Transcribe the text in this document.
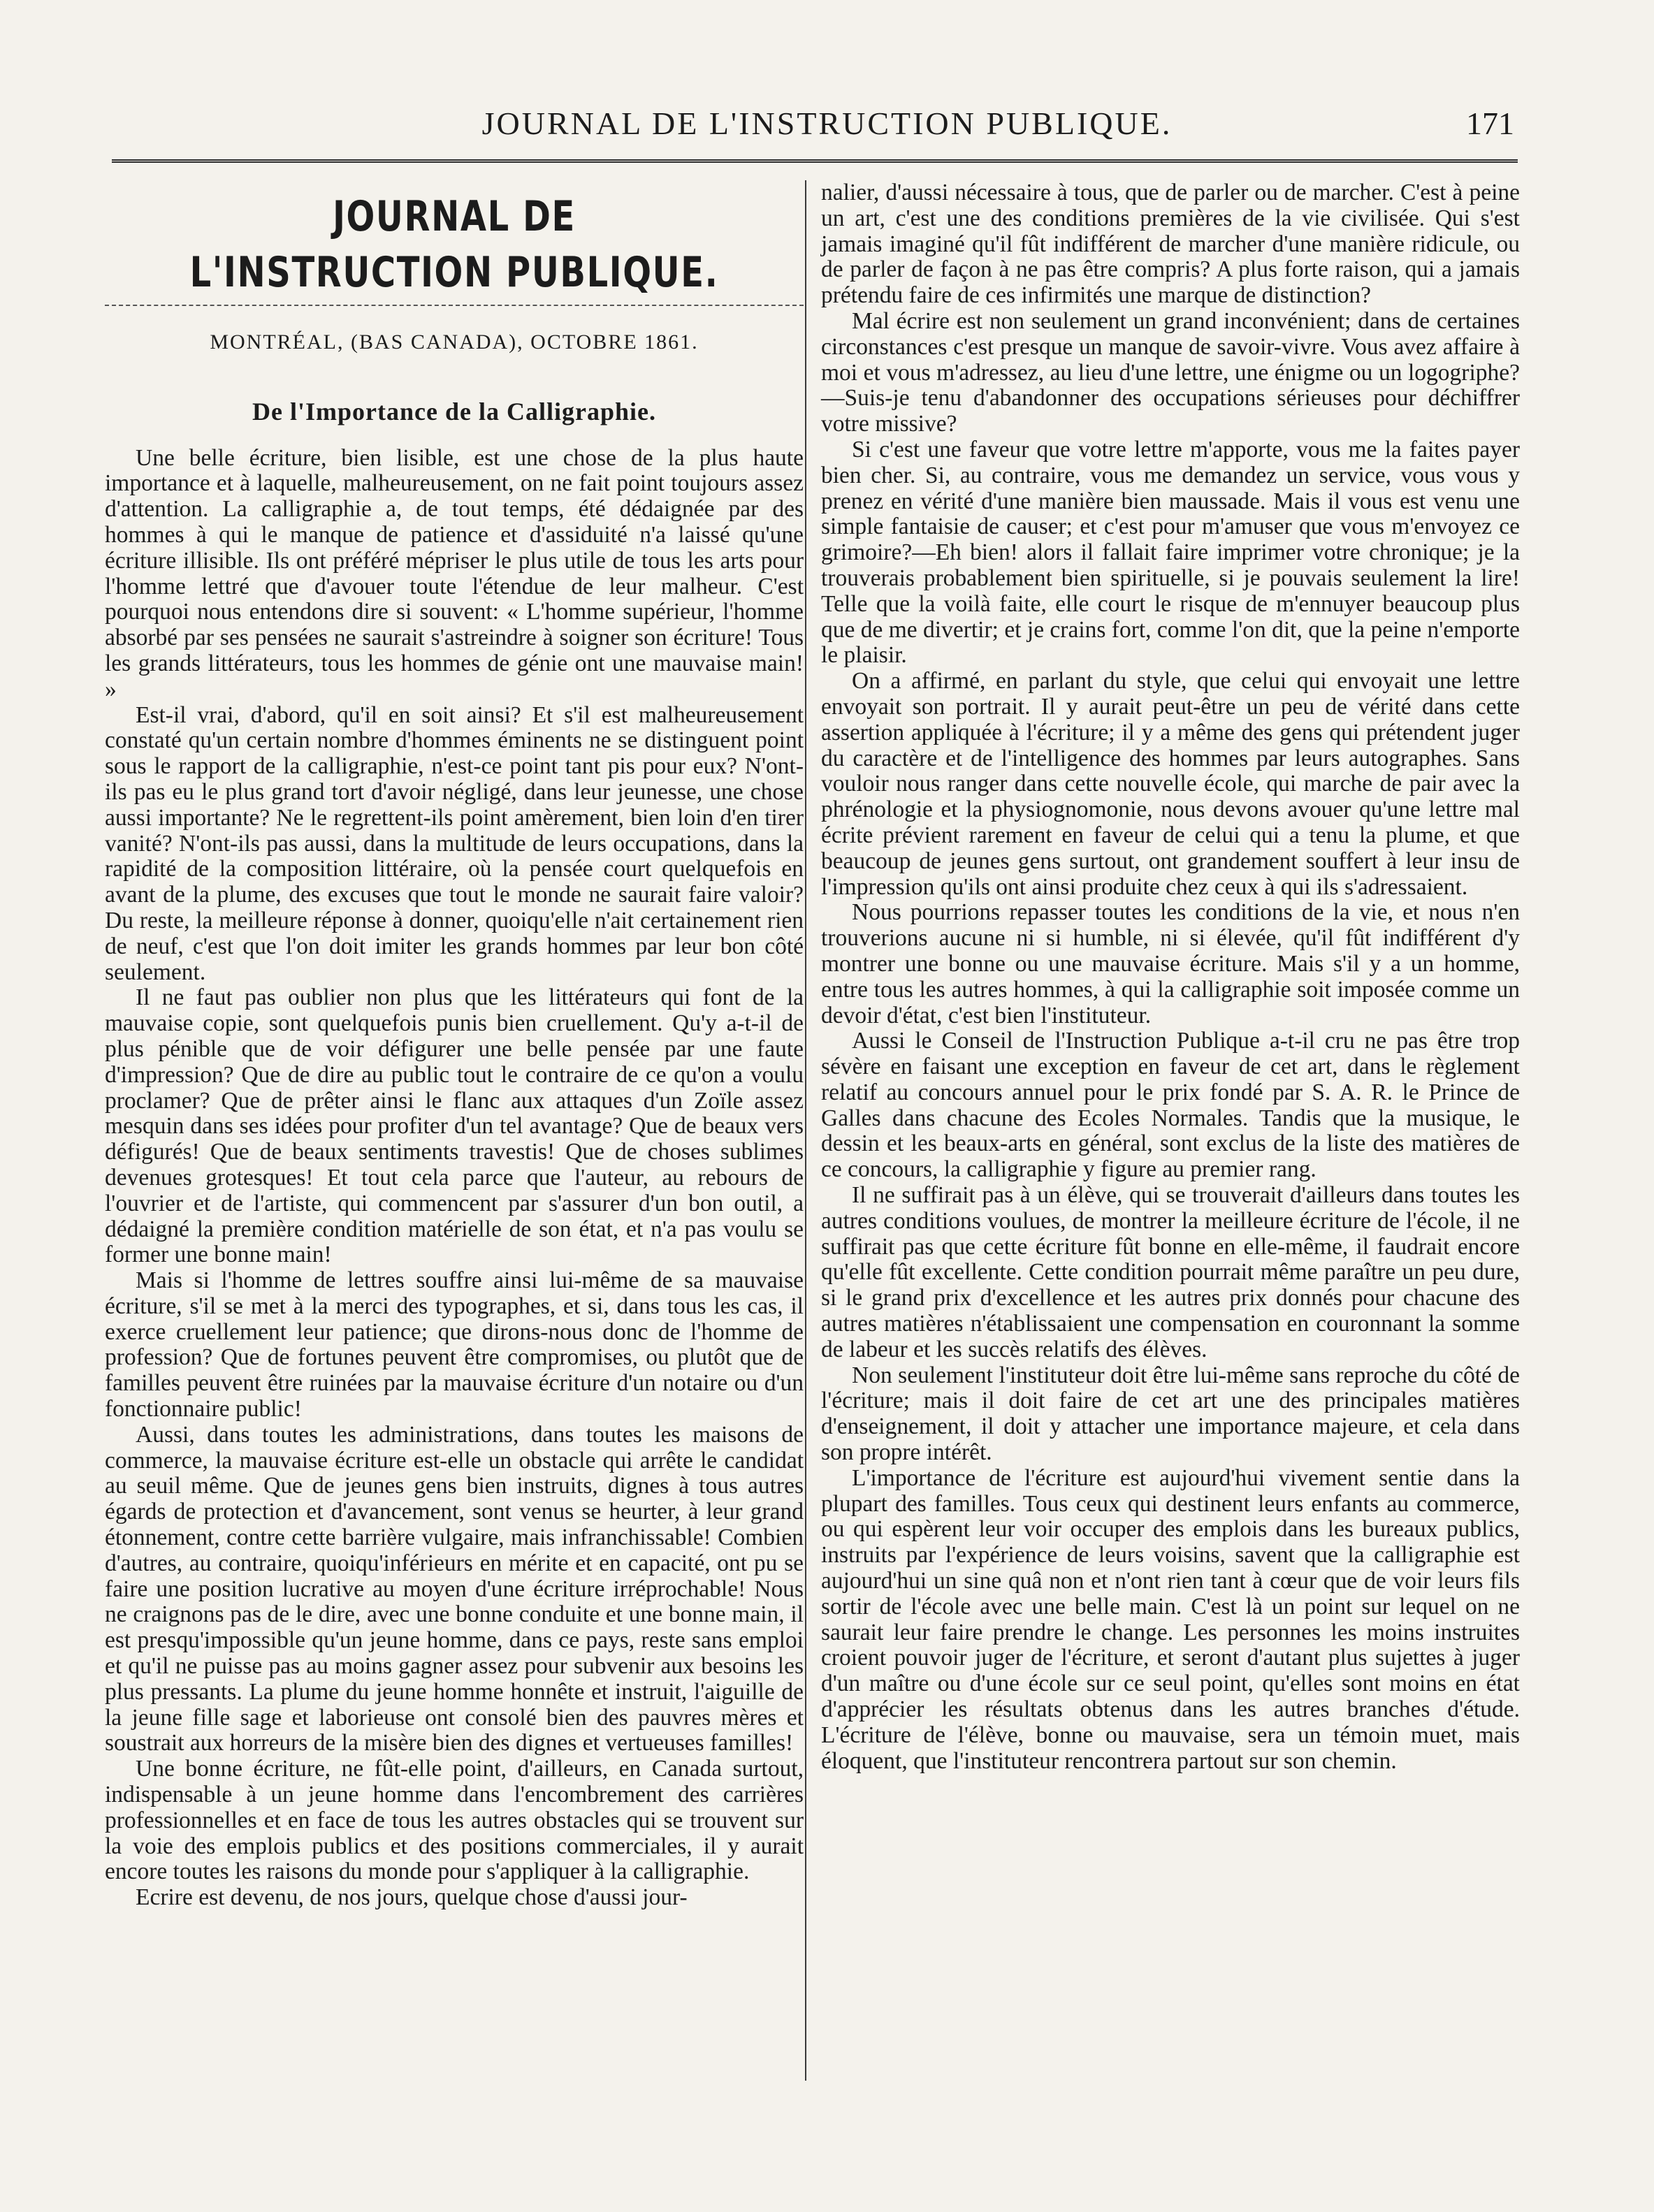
JOURNAL DE L'INSTRUCTION PUBLIQUE.	171
JOURNAL DE L'INSTRUCTION PUBLIQUE.
MONTRÉAL, (BAS CANADA), OCTOBRE 1861.
De l'Importance de la Calligraphie.

Une belle écriture, bien lisible, est une chose de la plus haute importance et à laquelle, malheureusement, on ne fait point toujours assez d'attention. La calligraphie a, de tout temps, été dédaignée par des hommes à qui le manque de patience et d'assiduité n'a laissé qu'une écriture illisible. Ils ont préféré mépriser le plus utile de tous les arts pour l'homme lettré que d'avouer toute l'étendue de leur malheur. C'est pourquoi nous entendons dire si souvent: « L'homme supérieur, l'homme absorbé par ses pensées ne saurait s'astreindre à soigner son écriture! Tous les grands littérateurs, tous les hommes de génie ont une mauvaise main! »

Est-il vrai, d'abord, qu'il en soit ainsi? Et s'il est malheureusement constaté qu'un certain nombre d'hommes éminents ne se distinguent point sous le rapport de la calligraphie, n'est-ce point tant pis pour eux? N'ont-ils pas eu le plus grand tort d'avoir négligé, dans leur jeunesse, une chose aussi importante? Ne le regrettent-ils point amèrement, bien loin d'en tirer vanité? N'ont-ils pas aussi, dans la multitude de leurs occupations, dans la rapidité de la composition littéraire, où la pensée court quelquefois en avant de la plume, des excuses que tout le monde ne saurait faire valoir? Du reste, la meilleure réponse à donner, quoiqu'elle n'ait certainement rien de neuf, c'est que l'on doit imiter les grands hommes par leur bon côté seulement.

Il ne faut pas oublier non plus que les littérateurs qui font de la mauvaise copie, sont quelquefois punis bien cruellement. Qu'y a-t-il de plus pénible que de voir défigurer une belle pensée par une faute d'impression? Que de dire au public tout le contraire de ce qu'on a voulu proclamer? Que de prêter ainsi le flanc aux attaques d'un Zoïle assez mesquin dans ses idées pour profiter d'un tel avantage? Que de beaux vers défigurés! Que de beaux sentiments travestis! Que de choses sublimes devenues grotesques! Et tout cela parce que l'auteur, au rebours de l'ouvrier et de l'artiste, qui commencent par s'assurer d'un bon outil, a dédaigné la première condition matérielle de son état, et n'a pas voulu se former une bonne main!

Mais si l'homme de lettres souffre ainsi lui-même de sa mauvaise écriture, s'il se met à la merci des typographes, et si, dans tous les cas, il exerce cruellement leur patience; que dirons-nous donc de l'homme de profession? Que de fortunes peuvent être compromises, ou plutôt que de familles peuvent être ruinées par la mauvaise écriture d'un notaire ou d'un fonctionnaire public!

Aussi, dans toutes les administrations, dans toutes les maisons de commerce, la mauvaise écriture est-elle un obstacle qui arrête le candidat au seuil même. Que de jeunes gens bien instruits, dignes à tous autres égards de protection et d'avancement, sont venus se heurter, à leur grand étonnement, contre cette barrière vulgaire, mais infranchissable! Combien d'autres, au contraire, quoiqu'inférieurs en mérite et en capacité, ont pu se faire une position lucrative au moyen d'une écriture irréprochable! Nous ne craignons pas de le dire, avec une bonne conduite et une bonne main, il est presqu'impossible qu'un jeune homme, dans ce pays, reste sans emploi et qu'il ne puisse pas au moins gagner assez pour subvenir aux besoins les plus pressants. La plume du jeune homme honnête et instruit, l'aiguille de la jeune fille sage et laborieuse ont consolé bien des pauvres mères et soustrait aux horreurs de la misère bien des dignes et vertueuses familles!

Une bonne écriture, ne fût-elle point, d'ailleurs, en Canada surtout, indispensable à un jeune homme dans l'encombrement des carrières professionnelles et en face de tous les autres obstacles qui se trouvent sur la voie des emplois publics et des positions commerciales, il y aurait encore toutes les raisons du monde pour s'appliquer à la calligraphie.

Ecrire est devenu, de nos jours, quelque chose d'aussi jour-

nalier, d'aussi nécessaire à tous, que de parler ou de marcher. C'est à peine un art, c'est une des conditions premières de la vie civilisée. Qui s'est jamais imaginé qu'il fût indifférent de marcher d'une manière ridicule, ou de parler de façon à ne pas être compris? A plus forte raison, qui a jamais prétendu faire de ces infirmités une marque de distinction?

Mal écrire est non seulement un grand inconvénient; dans de certaines circonstances c'est presque un manque de savoir-vivre. Vous avez affaire à moi et vous m'adressez, au lieu d'une lettre, une énigme ou un logogriphe?—Suis-je tenu d'abandonner des occupations sérieuses pour déchiffrer votre missive?

Si c'est une faveur que votre lettre m'apporte, vous me la faites payer bien cher. Si, au contraire, vous me demandez un service, vous vous y prenez en vérité d'une manière bien maussade. Mais il vous est venu une simple fantaisie de causer; et c'est pour m'amuser que vous m'envoyez ce grimoire?—Eh bien! alors il fallait faire imprimer votre chronique; je la trouverais probablement bien spirituelle, si je pouvais seulement la lire! Telle que la voilà faite, elle court le risque de m'ennuyer beaucoup plus que de me divertir; et je crains fort, comme l'on dit, que la peine n'emporte le plaisir.

On a affirmé, en parlant du style, que celui qui envoyait une lettre envoyait son portrait. Il y aurait peut-être un peu de vérité dans cette assertion appliquée à l'écriture; il y a même des gens qui prétendent juger du caractère et de l'intelligence des hommes par leurs autographes. Sans vouloir nous ranger dans cette nouvelle école, qui marche de pair avec la phrénologie et la physiognomonie, nous devons avouer qu'une lettre mal écrite prévient rarement en faveur de celui qui a tenu la plume, et que beaucoup de jeunes gens surtout, ont grandement souffert à leur insu de l'impression qu'ils ont ainsi produite chez ceux à qui ils s'adressaient.

Nous pourrions repasser toutes les conditions de la vie, et nous n'en trouverions aucune ni si humble, ni si élevée, qu'il fût indifférent d'y montrer une bonne ou une mauvaise écriture. Mais s'il y a un homme, entre tous les autres hommes, à qui la calligraphie soit imposée comme un devoir d'état, c'est bien l'instituteur.

Aussi le Conseil de l'Instruction Publique a-t-il cru ne pas être trop sévère en faisant une exception en faveur de cet art, dans le règlement relatif au concours annuel pour le prix fondé par S. A. R. le Prince de Galles dans chacune des Ecoles Normales. Tandis que la musique, le dessin et les beaux-arts en général, sont exclus de la liste des matières de ce concours, la calligraphie y figure au premier rang.

Il ne suffirait pas à un élève, qui se trouverait d'ailleurs dans toutes les autres conditions voulues, de montrer la meilleure écriture de l'école, il ne suffirait pas que cette écriture fût bonne en elle-même, il faudrait encore qu'elle fût excellente. Cette condition pourrait même paraître un peu dure, si le grand prix d'excellence et les autres prix donnés pour chacune des autres matières n'établissaient une compensation en couronnant la somme de labeur et les succès relatifs des élèves.

Non seulement l'instituteur doit être lui-même sans reproche du côté de l'écriture; mais il doit faire de cet art une des principales matières d'enseignement, il doit y attacher une importance majeure, et cela dans son propre intérêt.

L'importance de l'écriture est aujourd'hui vivement sentie dans la plupart des familles. Tous ceux qui destinent leurs enfants au commerce, ou qui espèrent leur voir occuper des emplois dans les bureaux publics, instruits par l'expérience de leurs voisins, savent que la calligraphie est aujourd'hui un sine quâ non et n'ont rien tant à cœur que de voir leurs fils sortir de l'école avec une belle main. C'est là un point sur lequel on ne saurait leur faire prendre le change. Les personnes les moins instruites croient pouvoir juger de l'écriture, et seront d'autant plus sujettes à juger d'un maître ou d'une école sur ce seul point, qu'elles sont moins en état d'apprécier les résultats obtenus dans les autres branches d'étude. L'écriture de l'élève, bonne ou mauvaise, sera un témoin muet, mais éloquent, que l'instituteur rencontrera partout sur son chemin.
